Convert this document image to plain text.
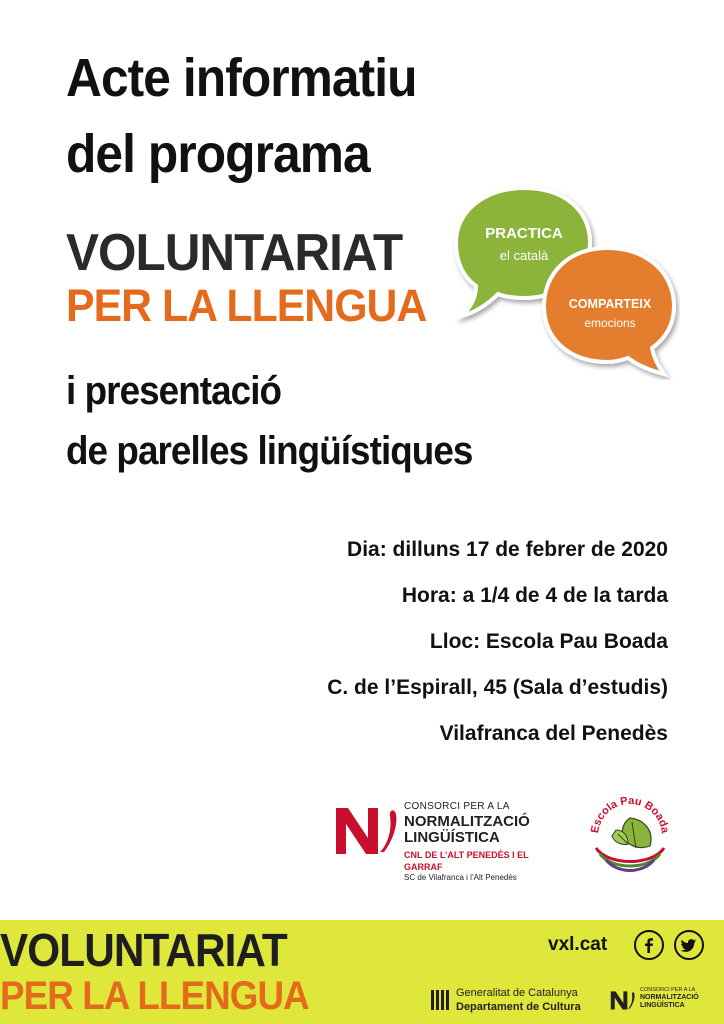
Acte informatiu
del programa
VOLUNTARIAT
PER LA LLENGUA
i presentació
de parelles lingüístiques
PRACTICA
el català
COMPARTEIX
emocions
Dia: dilluns 17 de febrer de 2020
Hora: a 1/4 de 4 de la tarda
Lloc: Escola Pau Boada
C. de l’Espirall, 45 (Sala d’estudis)
Vilafranca del Penedès
CONSORCI PER A LA
NORMALITZACIÓ
LINGÜÍSTICA
CNL DE L’ALT PENEDÈS I EL GARRAF
SC de Vilafranca i l’Alt Penedès
Escola Pau Boada
VOLUNTARIAT
PER LA LLENGUA
vxl.cat
Generalitat de Catalunya
Departament de Cultura
CONSORCI PER A LA
NORMALITZACIÓ
LINGÜÍSTICA
